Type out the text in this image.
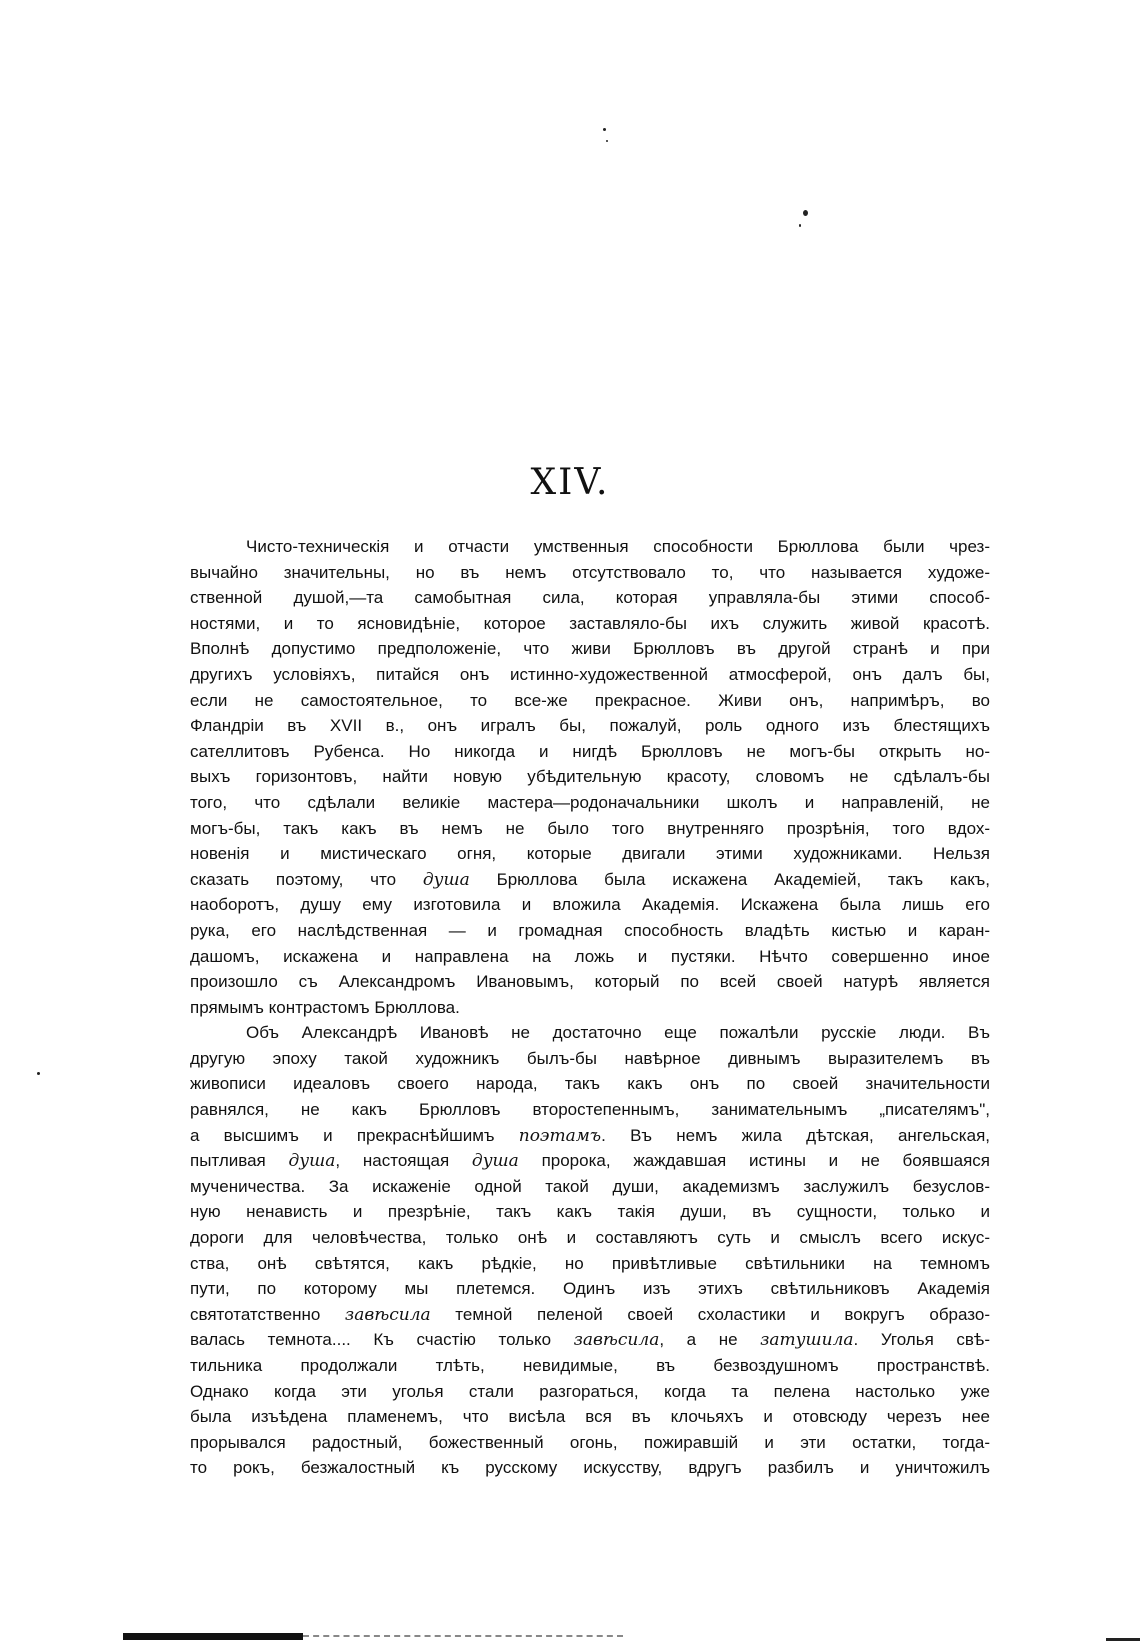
XIV.
Чисто-техническія и отчасти умственныя способности Брюллова были чрез-
вычайно значительны, но въ немъ отсутствовало то, что называется художе-
ственной душой,—та самобытная сила, которая управляла-бы этими способ-
ностями, и то ясновидѣніе, которое заставляло-бы ихъ служить живой красотѣ.
Вполнѣ допустимо предположеніе, что живи Брюлловъ въ другой странѣ и при
другихъ условіяхъ, питайся онъ истинно-художественной атмосферой, онъ далъ бы,
если не самостоятельное, то все-же прекрасное. Живи онъ, напримѣръ, во
Фландріи въ XVII в., онъ игралъ бы, пожалуй, роль одного изъ блестящихъ
сателлитовъ Рубенса. Но никогда и нигдѣ Брюлловъ не могъ-бы открыть но-
выхъ горизонтовъ, найти новую убѣдительную красоту, словомъ не сдѣлалъ-бы
того, что сдѣлали великіе мастера—родоначальники школъ и направленій, не
могъ-бы, такъ какъ въ немъ не было того внутренняго прозрѣнія, того вдох-
новенія и мистическаго огня, которые двигали этими художниками. Нельзя
сказать поэтому, что душа Брюллова была искажена Академіей, такъ какъ,
наоборотъ, душу ему изготовила и вложила Академія. Искажена была лишь его
рука, его наслѣдственная — и громадная способность владѣть кистью и каран-
дашомъ, искажена и направлена на ложь и пустяки. Нѣчто совершенно иное
произошло съ Александромъ Ивановымъ, который по всей своей натурѣ является
прямымъ контрастомъ Брюллова.
Объ Александрѣ Ивановѣ не достаточно еще пожалѣли русскіе люди. Въ
другую эпоху такой художникъ былъ-бы навѣрное дивнымъ выразителемъ въ
живописи идеаловъ своего народа, такъ какъ онъ по своей значительности
равнялся, не какъ Брюлловъ второстепеннымъ, занимательнымъ „писателямъ",
а высшимъ и прекраснѣйшимъ поэтамъ. Въ немъ жила дѣтская, ангельская,
пытливая душа, настоящая душа пророка, жаждавшая истины и не боявшаяся
мученичества. За искаженіе одной такой души, академизмъ заслужилъ безуслов-
ную ненависть и презрѣніе, такъ какъ такія души, въ сущности, только и
дороги для человѣчества, только онѣ и составляютъ суть и смыслъ всего искус-
ства, онѣ свѣтятся, какъ рѣдкіе, но привѣтливые свѣтильники на темномъ
пути, по которому мы плетемся. Одинъ изъ этихъ свѣтильниковъ Академія
святотатственно завѣсила темной пеленой своей схоластики и вокругъ образо-
валась темнота.... Къ счастію только завѣсила, а не затушила. Уголья свѣ-
тильника продолжали тлѣть, невидимые, въ безвоздушномъ пространствѣ.
Однако когда эти уголья стали разгораться, когда та пелена настолько уже
была изъѣдена пламенемъ, что висѣла вся въ клочьяхъ и отовсюду черезъ нее
прорывался радостный, божественный огонь, пожиравшій и эти остатки, тогда-
то рокъ, безжалостный къ русскому искусству, вдругъ разбилъ и уничтожилъ
